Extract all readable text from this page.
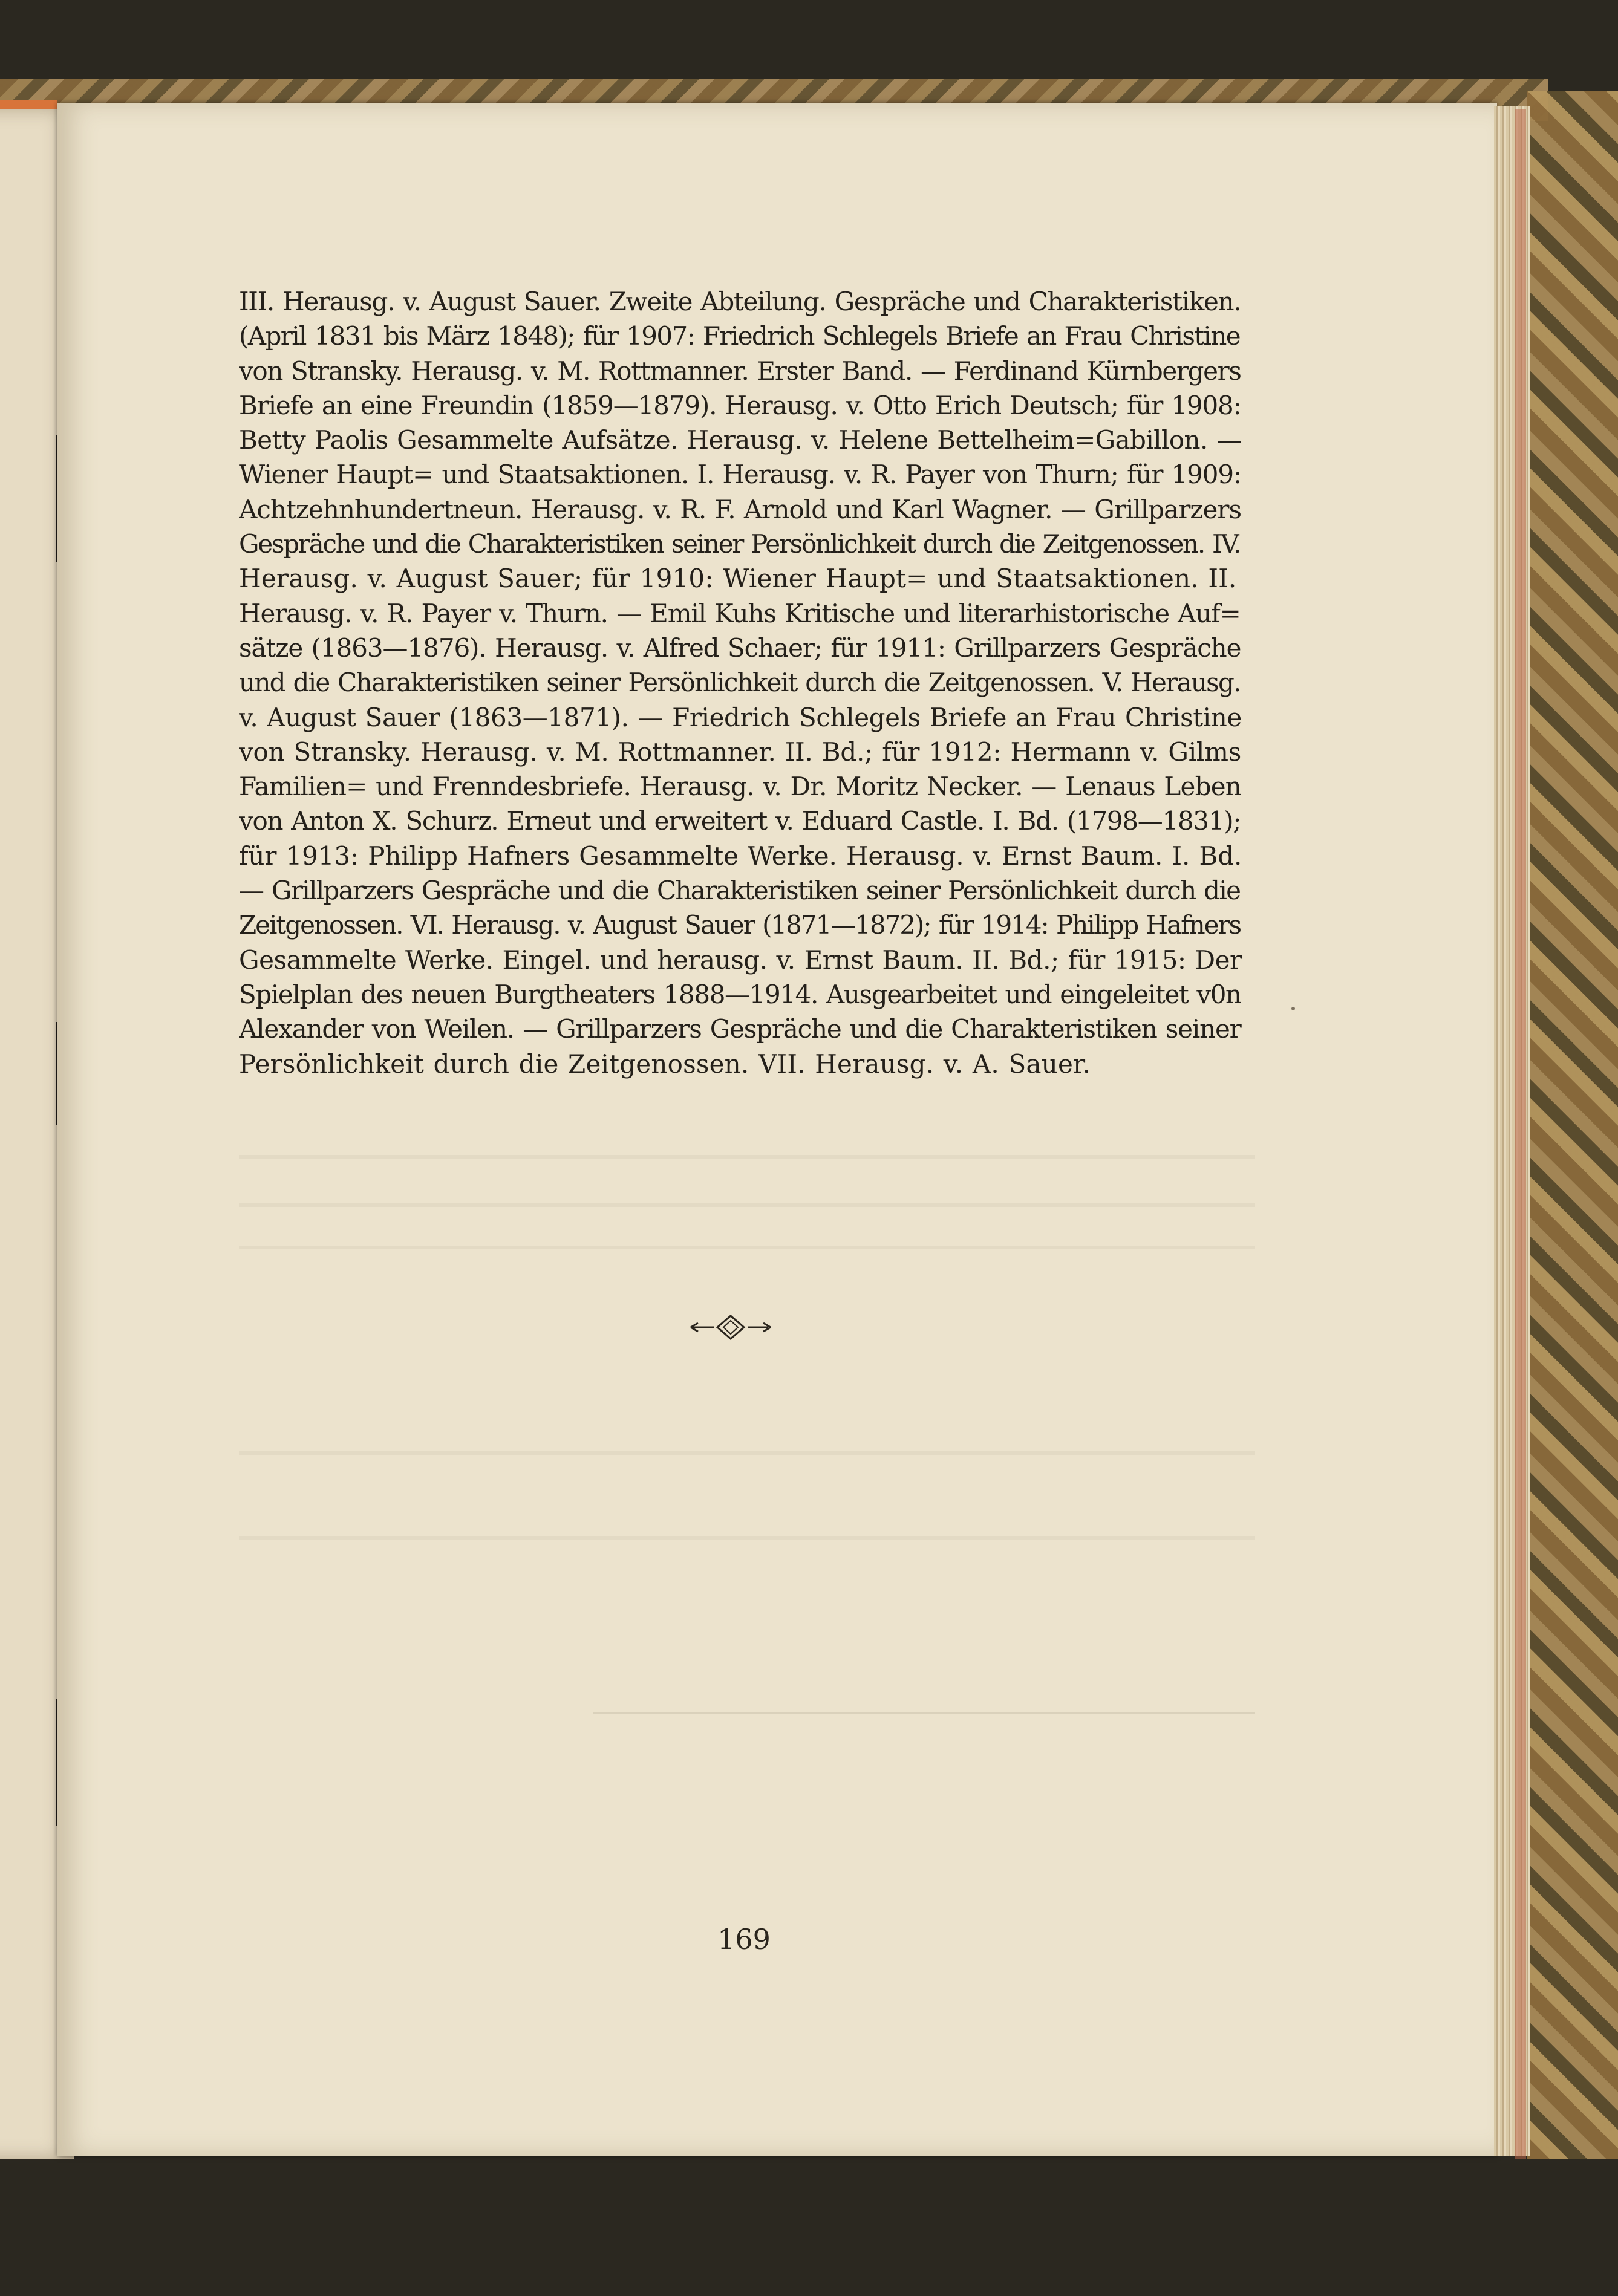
III. Herausg. v. August Sauer. Zweite Abteilung. Gespräche und Charakteristiken.
(April 1831 bis März 1848); für 1907: Friedrich Schlegels Briefe an Frau Christine
von Stransky. Herausg. v. M. Rottmanner. Erster Band. — Ferdinand Kürnbergers
Briefe an eine Freundin (1859—1879). Herausg. v. Otto Erich Deutsch; für 1908:
Betty Paolis Gesammelte Aufsätze. Herausg. v. Helene Bettelheim=Gabillon. —
Wiener Haupt= und Staatsaktionen. I. Herausg. v. R. Payer von Thurn; für 1909:
Achtzehnhundertneun. Herausg. v. R. F. Arnold und Karl Wagner. — Grillparzers
Gespräche und die Charakteristiken seiner Persönlichkeit durch die Zeitgenossen. IV.
Herausg. v. August Sauer; für 1910: Wiener Haupt= und Staatsaktionen. II.
Herausg. v. R. Payer v. Thurn. — Emil Kuhs Kritische und literarhistorische Auf=
sätze (1863—1876). Herausg. v. Alfred Schaer; für 1911: Grillparzers Gespräche
und die Charakteristiken seiner Persönlichkeit durch die Zeitgenossen. V. Herausg.
v. August Sauer (1863—1871). — Friedrich Schlegels Briefe an Frau Christine
von Stransky. Herausg. v. M. Rottmanner. II. Bd.; für 1912: Hermann v. Gilms
Familien= und Frenndesbriefe. Herausg. v. Dr. Moritz Necker. — Lenaus Leben
von Anton X. Schurz. Erneut und erweitert v. Eduard Castle. I. Bd. (1798—1831);
für 1913: Philipp Hafners Gesammelte Werke. Herausg. v. Ernst Baum. I. Bd.
— Grillparzers Gespräche und die Charakteristiken seiner Persönlichkeit durch die
Zeitgenossen. VI. Herausg. v. August Sauer (1871—1872); für 1914: Philipp Hafners
Gesammelte Werke. Eingel. und herausg. v. Ernst Baum. II. Bd.; für 1915: Der
Spielplan des neuen Burgtheaters 1888—1914. Ausgearbeitet und eingeleitet v0n
Alexander von Weilen. — Grillparzers Gespräche und die Charakteristiken seiner
Persönlichkeit durch die Zeitgenossen. VII. Herausg. v. A. Sauer.
169
